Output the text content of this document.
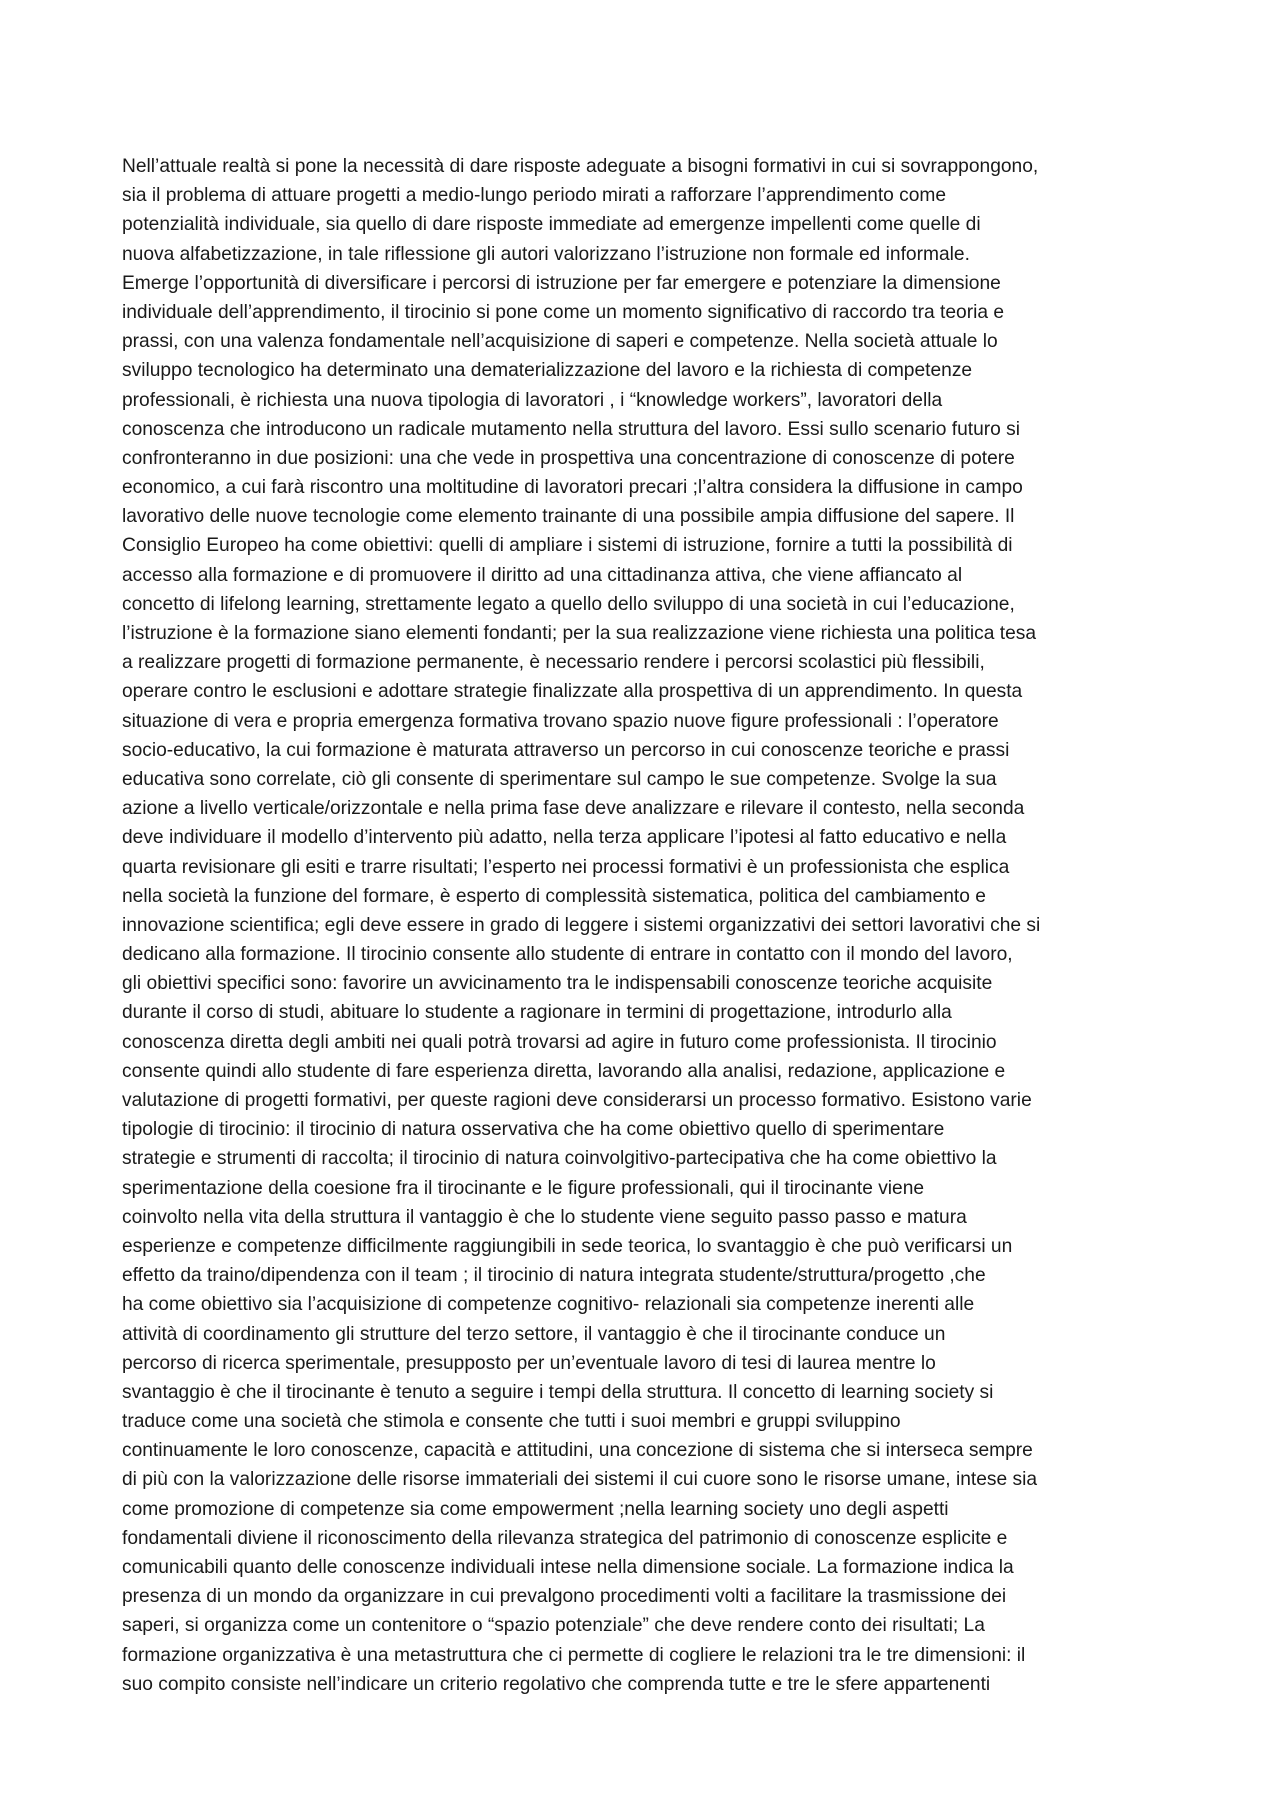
Nell’attuale realtà si pone la necessità di dare risposte adeguate a bisogni formativi in cui si sovrappongono,
sia il problema di attuare progetti a medio-lungo periodo mirati a rafforzare l’apprendimento come
potenzialità individuale, sia quello di dare risposte immediate ad emergenze impellenti come quelle di
nuova alfabetizzazione, in tale riflessione gli autori valorizzano l’istruzione non formale ed informale.
Emerge l’opportunità di diversificare i percorsi di istruzione per far emergere e potenziare la dimensione
individuale dell’apprendimento, il tirocinio si pone come un momento significativo di raccordo tra teoria e
prassi, con una valenza fondamentale nell’acquisizione di saperi e competenze. Nella società attuale lo
sviluppo tecnologico ha determinato una dematerializzazione del lavoro e la richiesta di competenze
professionali, è richiesta una nuova tipologia di lavoratori , i “knowledge workers”, lavoratori della
conoscenza che introducono un radicale mutamento nella struttura del lavoro. Essi sullo scenario futuro si
confronteranno in due posizioni: una che vede in prospettiva una concentrazione di conoscenze di potere
economico, a cui farà riscontro una moltitudine di lavoratori precari ;l’altra considera la diffusione in campo
lavorativo delle nuove tecnologie come elemento trainante di una possibile ampia diffusione del sapere. Il
Consiglio Europeo ha come obiettivi: quelli di ampliare i sistemi di istruzione, fornire a tutti la possibilità di
accesso alla formazione e di promuovere il diritto ad una cittadinanza attiva, che viene affiancato al
concetto di lifelong learning, strettamente legato a quello dello sviluppo di una società in cui l’educazione,
l’istruzione è la formazione siano elementi fondanti; per la sua realizzazione viene richiesta una politica tesa
a realizzare progetti di formazione permanente, è necessario rendere i percorsi scolastici più flessibili,
operare contro le esclusioni e adottare strategie finalizzate alla prospettiva di un apprendimento. In questa
situazione di vera e propria emergenza formativa trovano spazio nuove figure professionali : l’operatore
socio-educativo, la cui formazione è maturata attraverso un percorso in cui conoscenze teoriche e prassi
educativa sono correlate, ciò gli consente di sperimentare sul campo le sue competenze. Svolge la sua
azione a livello verticale/orizzontale e nella prima fase deve analizzare e rilevare il contesto, nella seconda
deve individuare il modello d’intervento più adatto, nella terza applicare l’ipotesi al fatto educativo e nella
quarta revisionare gli esiti e trarre risultati; l’esperto nei processi formativi è un professionista che esplica
nella società la funzione del formare, è esperto di complessità sistematica, politica del cambiamento e
innovazione scientifica; egli deve essere in grado di leggere i sistemi organizzativi dei settori lavorativi che si
dedicano alla formazione. Il tirocinio consente allo studente di entrare in contatto con il mondo del lavoro,
gli obiettivi specifici sono: favorire un avvicinamento tra le indispensabili conoscenze teoriche acquisite
durante il corso di studi, abituare lo studente a ragionare in termini di progettazione, introdurlo alla
conoscenza diretta degli ambiti nei quali potrà trovarsi ad agire in futuro come professionista. Il tirocinio
consente quindi allo studente di fare esperienza diretta, lavorando alla analisi, redazione, applicazione e
valutazione di progetti formativi, per queste ragioni deve considerarsi un processo formativo. Esistono varie
tipologie di tirocinio: il tirocinio di natura osservativa che ha come obiettivo quello di sperimentare
strategie e strumenti di raccolta; il tirocinio di natura coinvolgitivo-partecipativa che ha come obiettivo la
sperimentazione della coesione fra il tirocinante e le figure professionali, qui il tirocinante viene
coinvolto nella vita della struttura il vantaggio è che lo studente viene seguito passo passo e matura
esperienze e competenze difficilmente raggiungibili in sede teorica, lo svantaggio è che può verificarsi un
effetto da traino/dipendenza con il team ; il tirocinio di natura integrata studente/struttura/progetto ,che
ha come obiettivo sia l’acquisizione di competenze cognitivo- relazionali sia competenze inerenti alle
attività di coordinamento gli strutture del terzo settore, il vantaggio è che il tirocinante conduce un
percorso di ricerca sperimentale, presupposto per un’eventuale lavoro di tesi di laurea mentre lo
svantaggio è che il tirocinante è tenuto a seguire i tempi della struttura. Il concetto di learning society si
traduce come una società che stimola e consente che tutti i suoi membri e gruppi sviluppino
continuamente le loro conoscenze, capacità e attitudini, una concezione di sistema che si interseca sempre
di più con la valorizzazione delle risorse immateriali dei sistemi il cui cuore sono le risorse umane, intese sia
come promozione di competenze sia come empowerment ;nella learning society uno degli aspetti
fondamentali diviene il riconoscimento della rilevanza strategica del patrimonio di conoscenze esplicite e
comunicabili quanto delle conoscenze individuali intese nella dimensione sociale. La formazione indica la
presenza di un mondo da organizzare in cui prevalgono procedimenti volti a facilitare la trasmissione dei
saperi, si organizza come un contenitore o “spazio potenziale” che deve rendere conto dei risultati; La
formazione organizzativa è una metastruttura che ci permette di cogliere le relazioni tra le tre dimensioni: il
suo compito consiste nell’indicare un criterio regolativo che comprenda tutte e tre le sfere appartenenti
